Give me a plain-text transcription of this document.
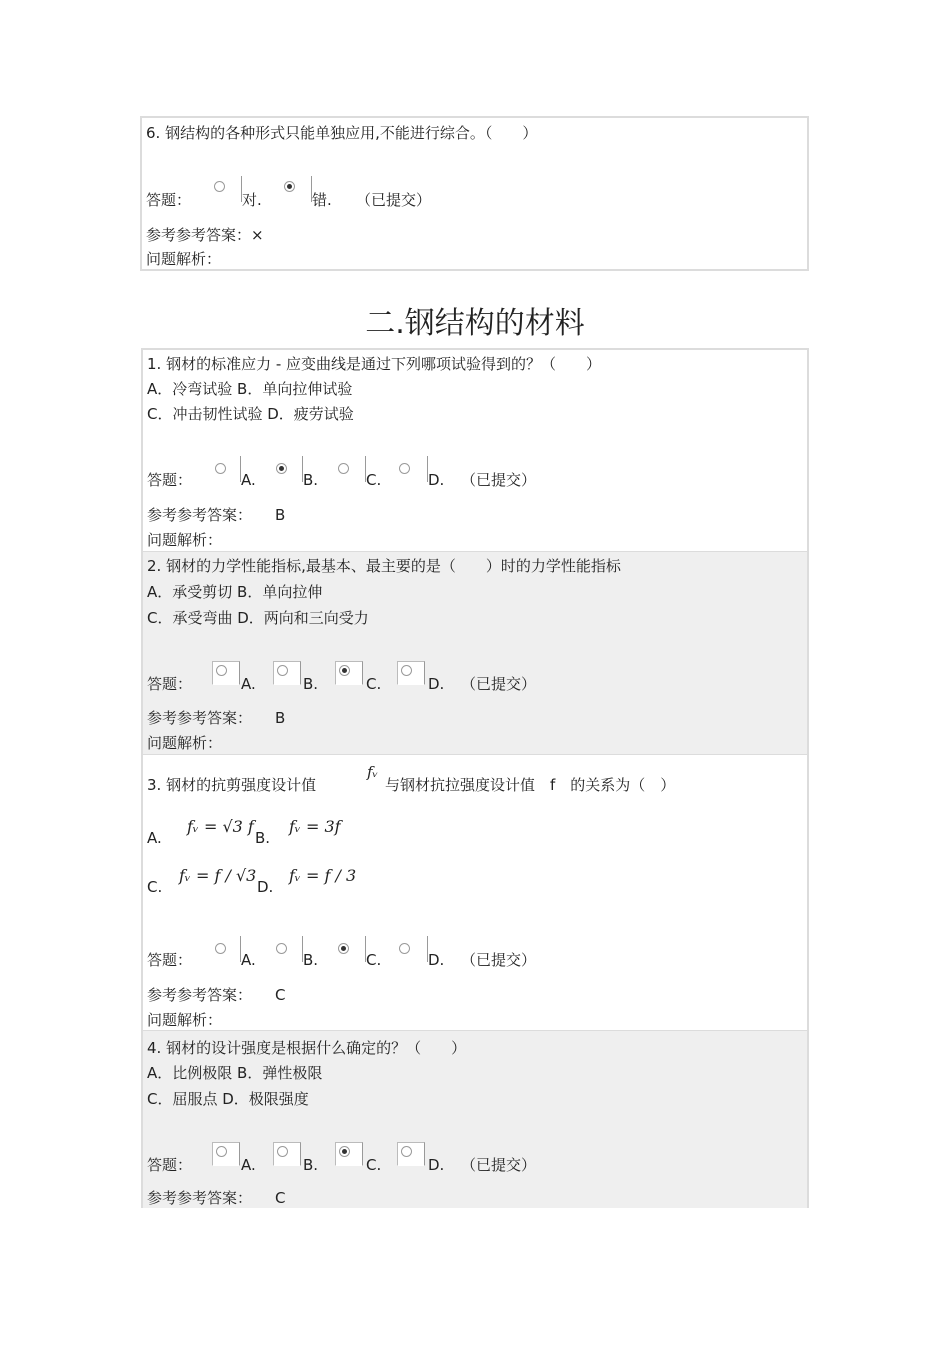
6. 钢结构的各种形式只能单独应用,不能进行综合。（　　）
答题：	对.	错. （已提交）
参考参考答案：×
问题解析：
二.钢结构的材料
1. 钢材的标准应力 - 应变曲线是通过下列哪项试验得到的？（　　）
A．冷弯试验 B．单向拉伸试验
C．冲击韧性试验 D．疲劳试验
答题：	A.	B.	C.	D. （已提交）
参考参考答案： B
问题解析：
2. 钢材的力学性能指标,最基本、最主要的是（　　）时的力学性能指标
A．承受剪切 B．单向拉伸
C．承受弯曲 D．两向和三向受力
答题：	A.	B.	C.	D. （已提交）
参考参考答案： B
问题解析：
3. 钢材的抗剪强度设计值
fᵥ
与钢材抗拉强度设计值　f　的关系为（　）
A.
fᵥ = √3 f
B.
fᵥ = 3f
C.
fᵥ = f / √3
D.
fᵥ = f / 3
答题：	A.	B.	C.	D. （已提交）
参考参考答案： C
问题解析：
4. 钢材的设计强度是根据什么确定的？（　　）
A．比例极限 B．弹性极限
C．屈服点 D．极限强度
答题：	A.	B.	C.	D. （已提交）
参考参考答案： C
